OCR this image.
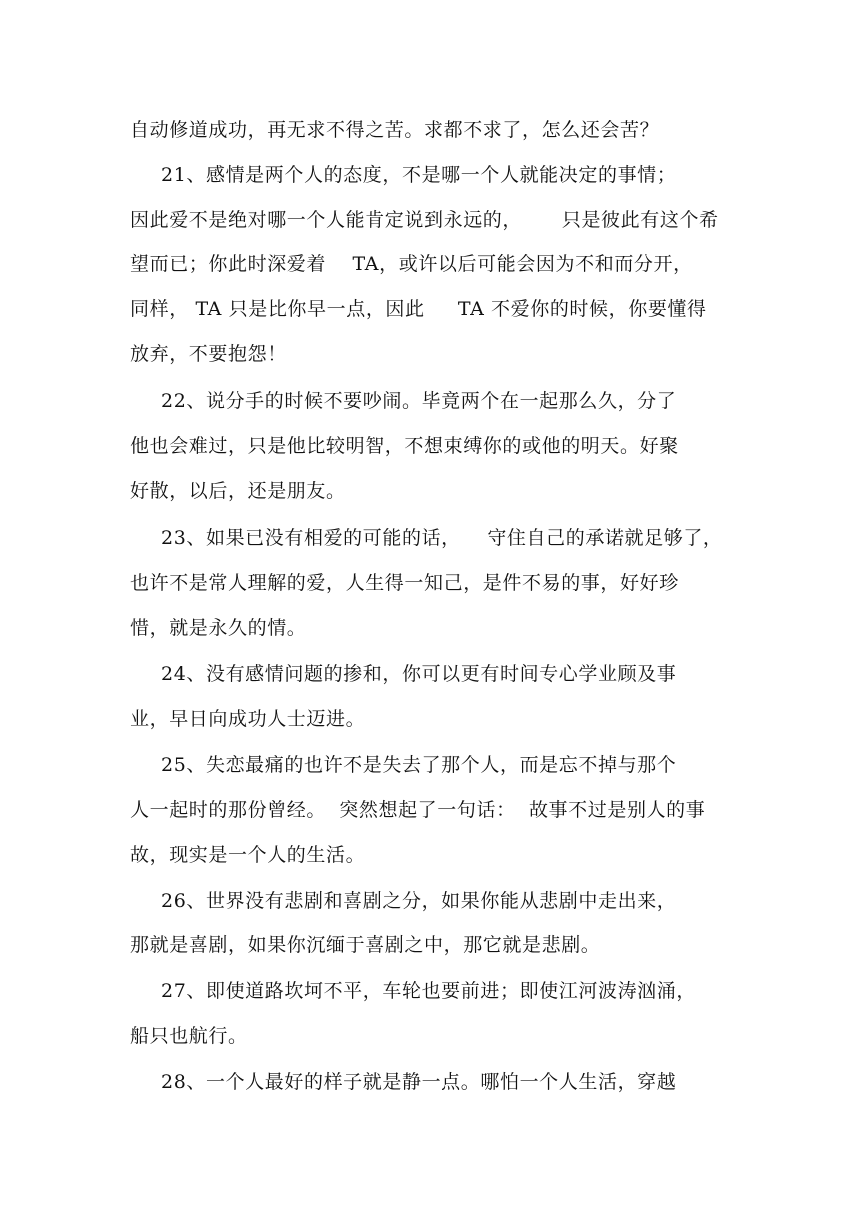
自动修道成功，再无求不得之苦。求都不求了，怎么还会苦？

21、感情是两个人的态度，不是哪一个人就能决定的事情；

因此爱不是绝对哪一个人能肯定说到永远的，      只是彼此有这个希

望而已；你此时深爱着    TA，或许以后可能会因为不和而分开，

同样， TA 只是比你早一点，因此     TA 不爱你的时候，你要懂得

放弃，不要抱怨！

22、说分手的时候不要吵闹。毕竟两个在一起那么久，分了

他也会难过，只是他比较明智，不想束缚你的或他的明天。好聚

好散，以后，还是朋友。

23、如果已没有相爱的可能的话，    守住自己的承诺就足够了，

也许不是常人理解的爱，人生得一知己，是件不易的事，好好珍

惜，就是永久的情。

24、没有感情问题的掺和，你可以更有时间专心学业顾及事

业，早日向成功人士迈进。

25、失恋最痛的也许不是失去了那个人，而是忘不掉与那个

人一起时的那份曾经。  突然想起了一句话：  故事不过是别人的事

故，现实是一个人的生活。

26、世界没有悲剧和喜剧之分，如果你能从悲剧中走出来，

那就是喜剧，如果你沉缅于喜剧之中，那它就是悲剧。

27、即使道路坎坷不平，车轮也要前进；即使江河波涛汹涌，

船只也航行。

28、一个人最好的样子就是静一点。哪怕一个人生活，穿越
